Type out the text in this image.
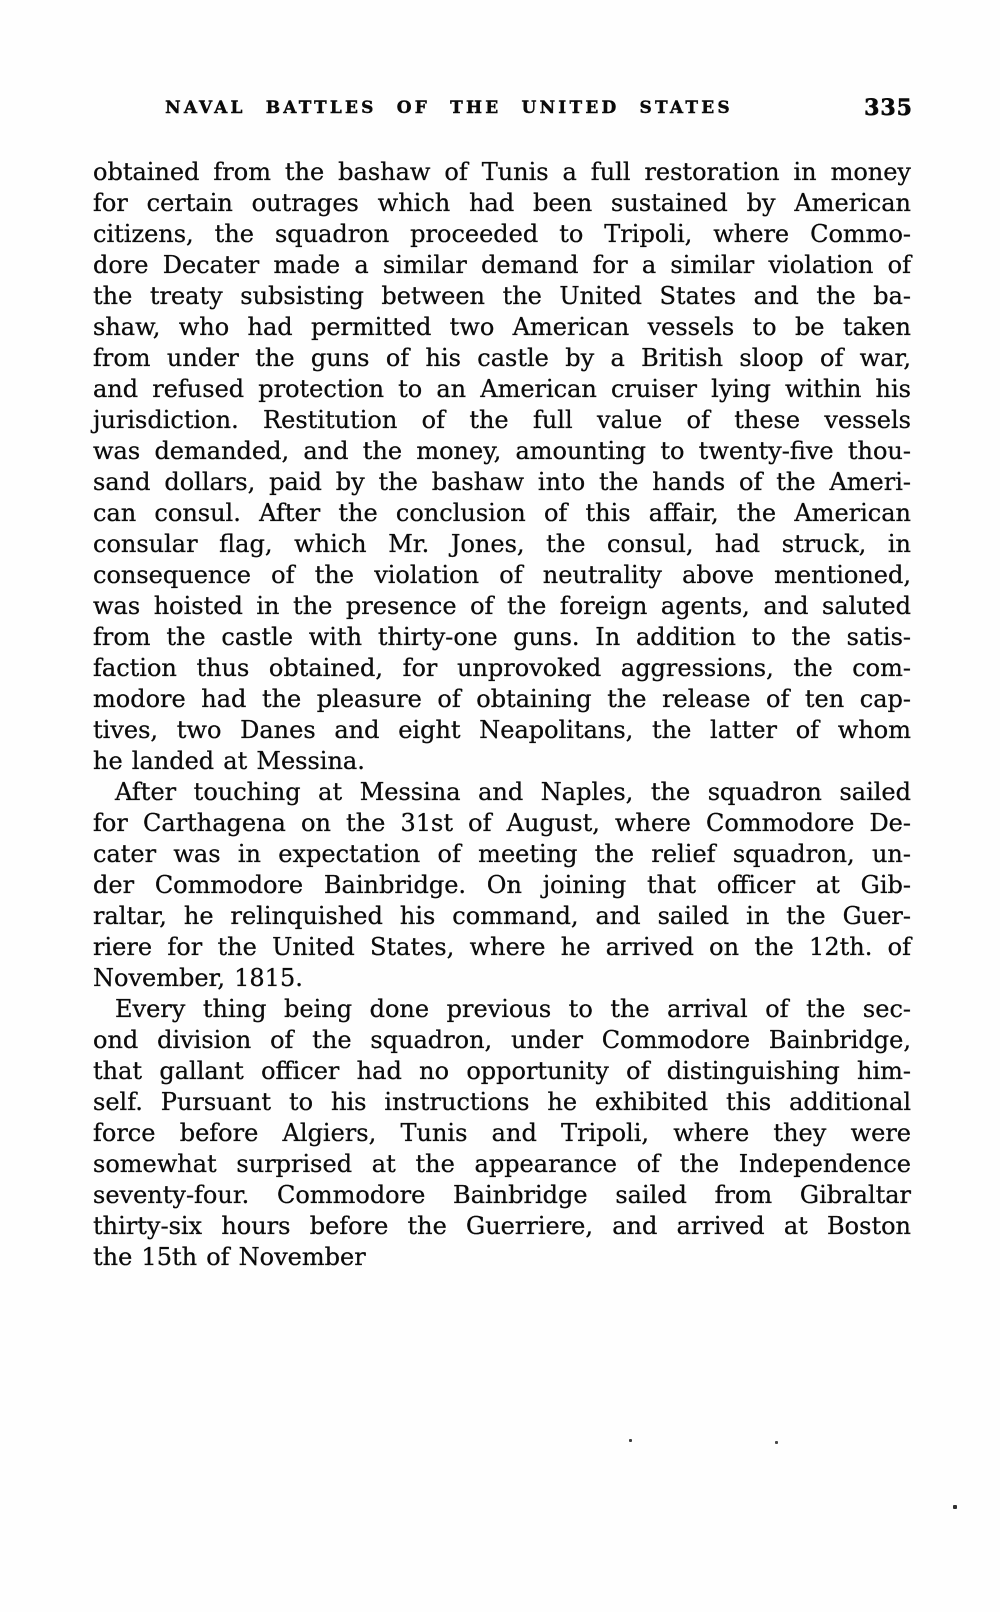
NAVAL BATTLES OF THE UNITED STATES	335
obtained from the bashaw of Tunis a full restoration in money
for certain outrages which had been sustained by American
citizens, the squadron proceeded to Tripoli, where Commo-
dore Decater made a similar demand for a similar violation of
the treaty subsisting between the United States and the ba-
shaw, who had permitted two American vessels to be taken
from under the guns of his castle by a British sloop of war,
and refused protection to an American cruiser lying within his
jurisdiction. Restitution of the full value of these vessels
was demanded, and the money, amounting to twenty-five thou-
sand dollars, paid by the bashaw into the hands of the Ameri-
can consul. After the conclusion of this affair, the American
consular flag, which Mr. Jones, the consul, had struck, in
consequence of the violation of neutrality above mentioned,
was hoisted in the presence of the foreign agents, and saluted
from the castle with thirty-one guns. In addition to the satis-
faction thus obtained, for unprovoked aggressions, the com-
modore had the pleasure of obtaining the release of ten cap-
tives, two Danes and eight Neapolitans, the latter of whom
he landed at Messina.
After touching at Messina and Naples, the squadron sailed
for Carthagena on the 31st of August, where Commodore De-
cater was in expectation of meeting the relief squadron, un-
der Commodore Bainbridge. On joining that officer at Gib-
raltar, he relinquished his command, and sailed in the Guer-
riere for the United States, where he arrived on the 12th. of
November, 1815.
Every thing being done previous to the arrival of the sec-
ond division of the squadron, under Commodore Bainbridge,
that gallant officer had no opportunity of distinguishing him-
self. Pursuant to his instructions he exhibited this additional
force before Algiers, Tunis and Tripoli, where they were
somewhat surprised at the appearance of the Independence
seventy-four. Commodore Bainbridge sailed from Gibraltar
thirty-six hours before the Guerriere, and arrived at Boston
the 15th of November
